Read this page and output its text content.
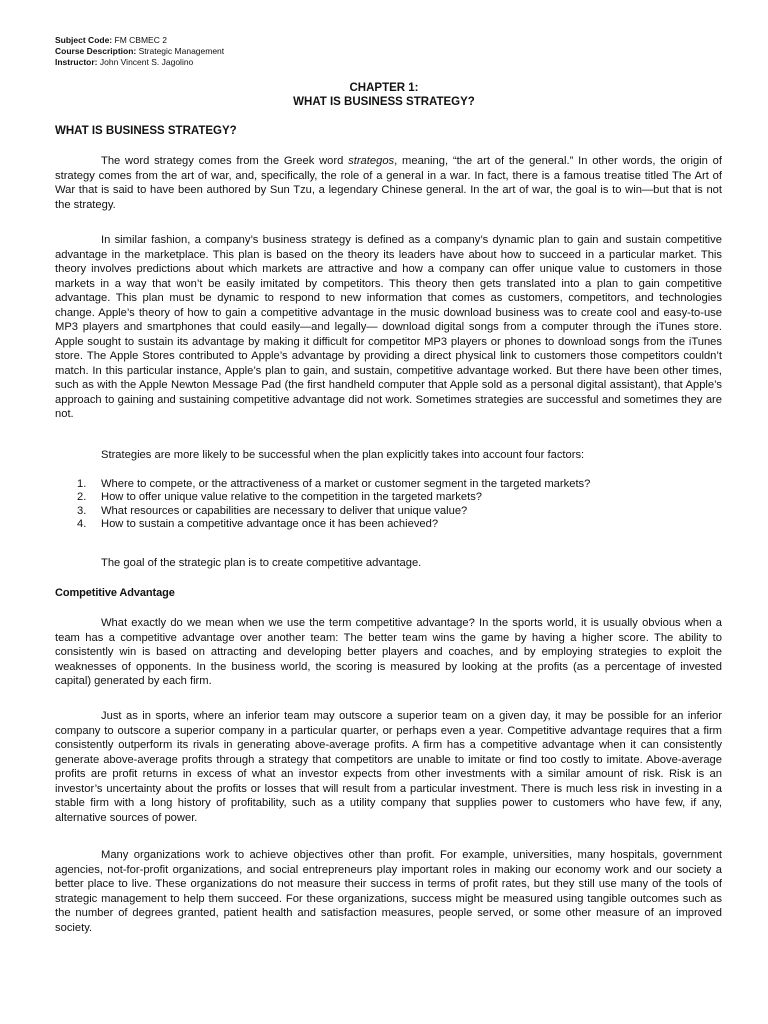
Subject Code: FM CBMEC 2
Course Description: Strategic Management
Instructor: John Vincent S. Jagolino
CHAPTER 1:
WHAT IS BUSINESS STRATEGY?
WHAT IS BUSINESS STRATEGY?
The word strategy comes from the Greek word strategos, meaning, “the art of the general.” In other words, the origin of strategy comes from the art of war, and, specifically, the role of a general in a war. In fact, there is a famous treatise titled The Art of War that is said to have been authored by Sun Tzu, a legendary Chinese general. In the art of war, the goal is to win—but that is not the strategy.
In similar fashion, a company’s business strategy is defined as a company’s dynamic plan to gain and sustain competitive advantage in the marketplace. This plan is based on the theory its leaders have about how to succeed in a particular market. This theory involves predictions about which markets are attractive and how a company can offer unique value to customers in those markets in a way that won’t be easily imitated by competitors. This theory then gets translated into a plan to gain competitive advantage. This plan must be dynamic to respond to new information that comes as customers, competitors, and technologies change. Apple’s theory of how to gain a competitive advantage in the music download business was to create cool and easy-to-use MP3 players and smartphones that could easily—and legally— download digital songs from a computer through the iTunes store. Apple sought to sustain its advantage by making it difficult for competitor MP3 players or phones to download songs from the iTunes store. The Apple Stores contributed to Apple’s advantage by providing a direct physical link to customers those competitors couldn’t match. In this particular instance, Apple’s plan to gain, and sustain, competitive advantage worked. But there have been other times, such as with the Apple Newton Message Pad (the first handheld computer that Apple sold as a personal digital assistant), that Apple’s approach to gaining and sustaining competitive advantage did not work. Sometimes strategies are successful and sometimes they are not.
Strategies are more likely to be successful when the plan explicitly takes into account four factors:
1.	Where to compete, or the attractiveness of a market or customer segment in the targeted markets?
2.	How to offer unique value relative to the competition in the targeted markets?
3.	What resources or capabilities are necessary to deliver that unique value?
4.	How to sustain a competitive advantage once it has been achieved?
The goal of the strategic plan is to create competitive advantage.
Competitive Advantage
What exactly do we mean when we use the term competitive advantage? In the sports world, it is usually obvious when a team has a competitive advantage over another team: The better team wins the game by having a higher score. The ability to consistently win is based on attracting and developing better players and coaches, and by employing strategies to exploit the weaknesses of opponents. In the business world, the scoring is measured by looking at the profits (as a percentage of invested capital) generated by each firm.
Just as in sports, where an inferior team may outscore a superior team on a given day, it may be possible for an inferior company to outscore a superior company in a particular quarter, or perhaps even a year. Competitive advantage requires that a firm consistently outperform its rivals in generating above-average profits. A firm has a competitive advantage when it can consistently generate above-average profits through a strategy that competitors are unable to imitate or find too costly to imitate. Above-average profits are profit returns in excess of what an investor expects from other investments with a similar amount of risk. Risk is an investor’s uncertainty about the profits or losses that will result from a particular investment. There is much less risk in investing in a stable firm with a long history of profitability, such as a utility company that supplies power to customers who have few, if any, alternative sources of power.
Many organizations work to achieve objectives other than profit. For example, universities, many hospitals, government agencies, not-for-profit organizations, and social entrepreneurs play important roles in making our economy work and our society a better place to live. These organizations do not measure their success in terms of profit rates, but they still use many of the tools of strategic management to help them succeed. For these organizations, success might be measured using tangible outcomes such as the number of degrees granted, patient health and satisfaction measures, people served, or some other measure of an improved society.
